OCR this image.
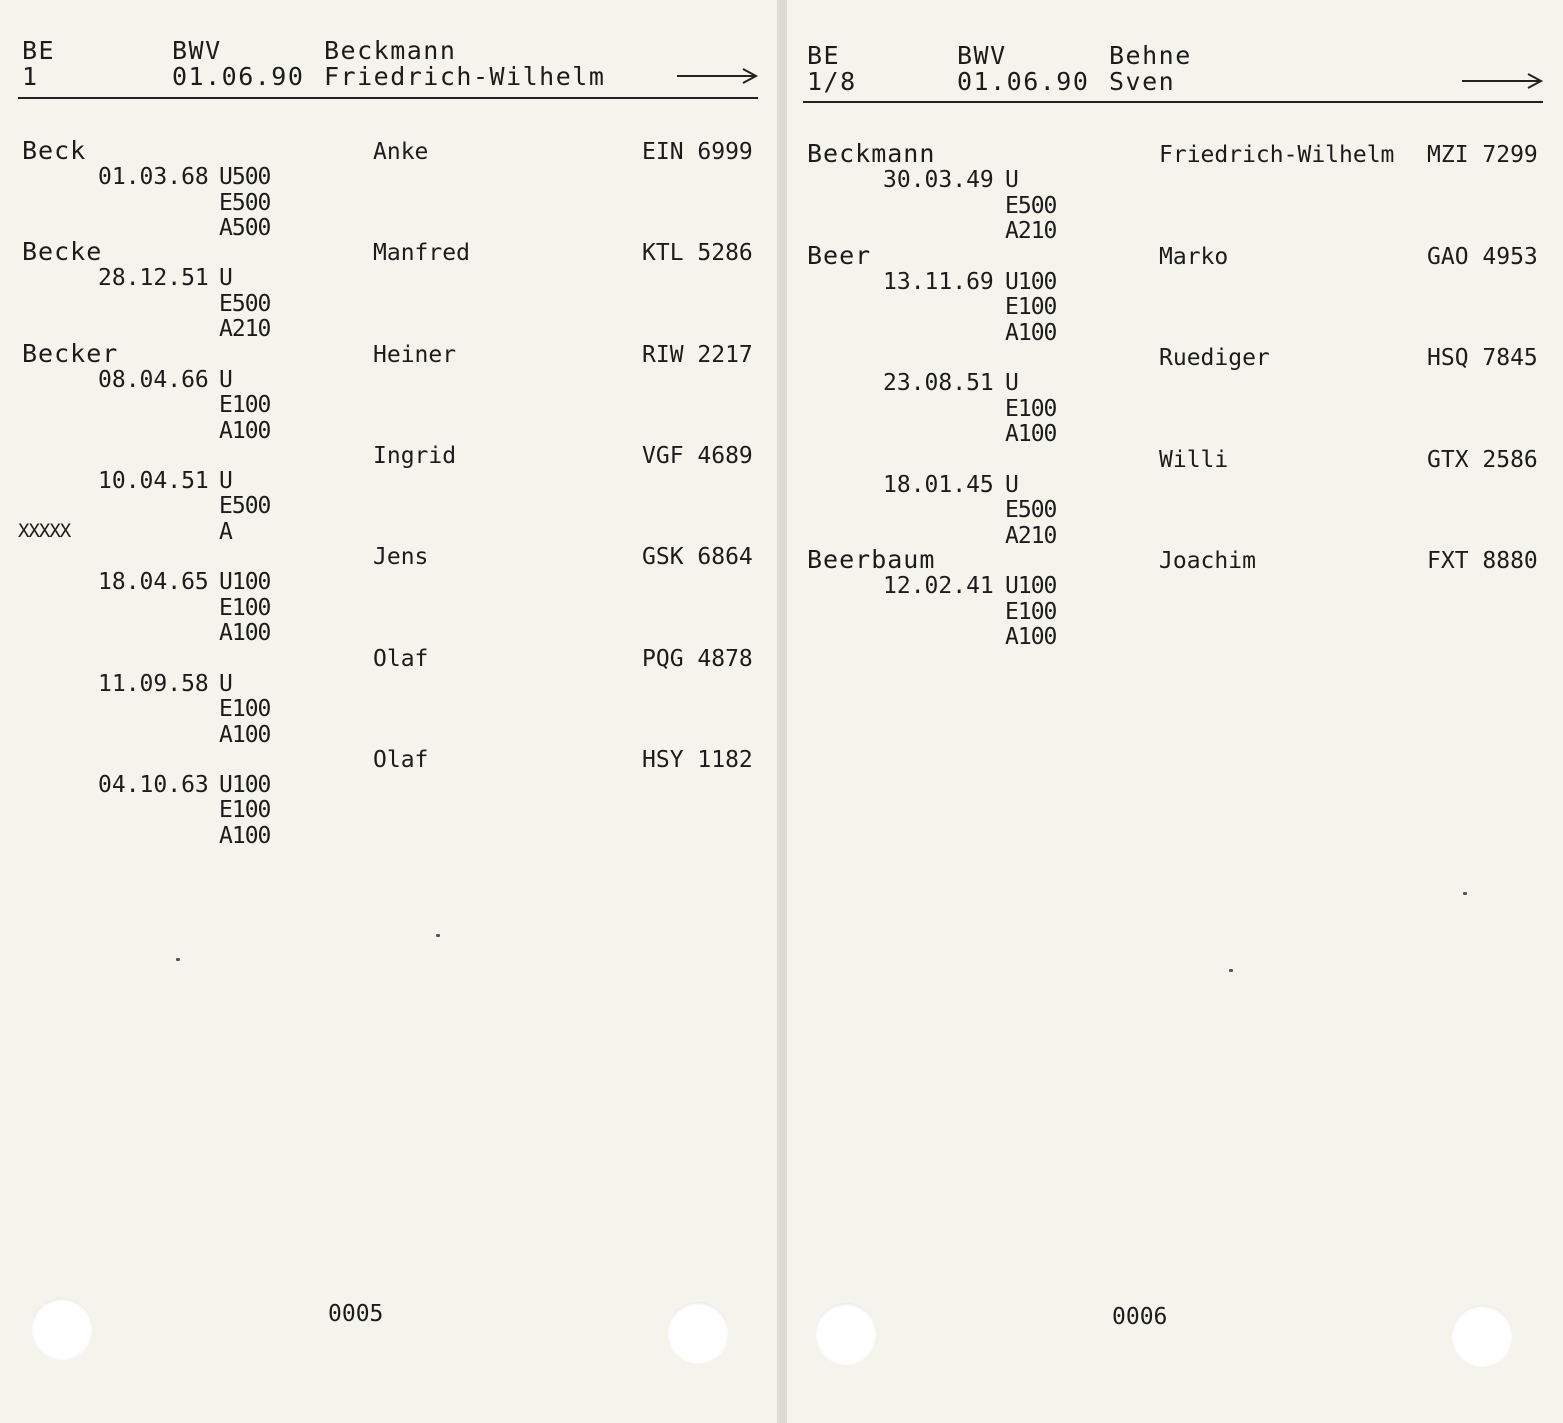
BE
1
BWV
01.06.90
Beckmann
Friedrich-Wilhelm
Beck	Anke	EIN 6999
01.03.68 U500
E500
A500
Becke	Manfred	KTL 5286
28.12.51 U
E500
A210
Becker	Heiner	RIW 2217
08.04.66 U
E100
A100
Ingrid	VGF 4689
10.04.51 U
E500
A
XXXXX
Jens	GSK 6864
18.04.65 U100
E100
A100
Olaf	PQG 4878
11.09.58 U
E100
A100
Olaf	HSY 1182
04.10.63 U100
E100
A100
0005
BE
1/8
BWV
01.06.90
Behne
Sven
Beckmann	Friedrich-Wilhelm MZI 7299
30.03.49 U
E500
A210
Beer	Marko	GAO 4953
13.11.69 U100
E100
A100
Ruediger	HSQ 7845
23.08.51 U
E100
A100
Willi	GTX 2586
18.01.45 U
E500
A210
Beerbaum	Joachim	FXT 8880
12.02.41 U100
E100
A100
0006
